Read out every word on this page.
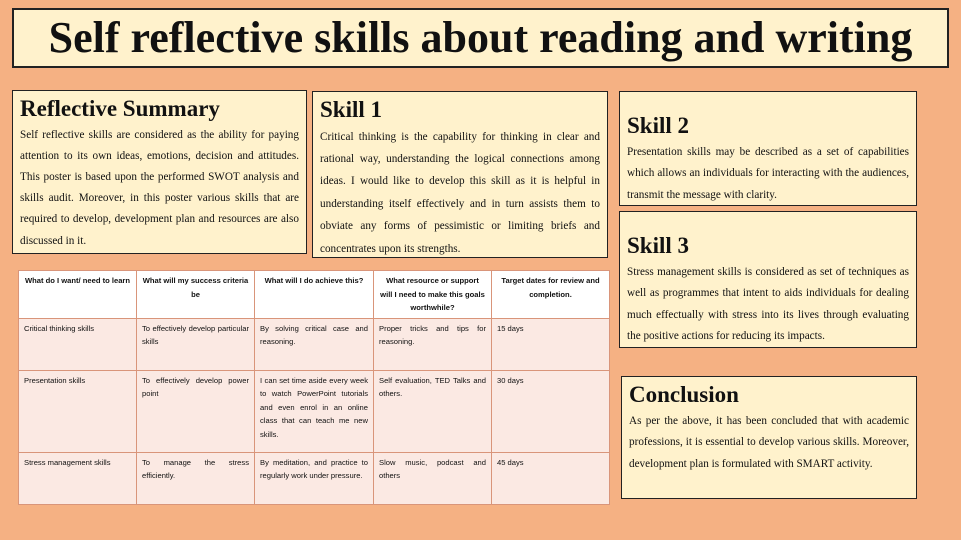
Self reflective skills about reading and writing
Reflective Summary

Self reflective skills are considered as the ability for paying attention to its own ideas, emotions, decision and attitudes. This poster is based upon the performed SWOT analysis and skills audit. Moreover, in this poster various skills that are required to develop, development plan and resources are also discussed in it.

Skill 1

Critical thinking is the capability for thinking in clear and rational way, understanding the logical connections among ideas. I would like to develop this skill as it is helpful in understanding itself effectively and in turn assists them to obviate any forms of pessimistic or limiting briefs and concentrates upon its strengths.

Skill 2

Presentation skills may be described as a set of capabilities which allows an individuals for interacting with the audiences, transmit the message with clarity.

Skill 3

Stress management skills is considered as set of techniques as well as programmes that intent to aids individuals for dealing much effectually with stress into its lives through evaluating the positive actions for reducing its impacts.

Conclusion

As per the above, it has been concluded that with academic professions, it is essential to develop various skills. Moreover, development plan is formulated with SMART activity.

What do I want/ need to learn	What will my success criteria be	What will I do achieve this?	What resource or support will I need to make this goals worthwhile?	Target dates for review and completion.
Critical thinking skills	To effectively develop particular skills	By solving critical case and reasoning.	Proper tricks and tips for reasoning.	15 days
Presentation skills	To effectively develop power point	I can set time aside every week to watch PowerPoint tutorials and even enrol in an online class that can teach me new skills.	Self evaluation, TED Talks and others.	30 days
Stress management skills	To manage the stress efficiently.	By meditation, and practice to regularly work under pressure.	Slow music, podcast and others	45 days
